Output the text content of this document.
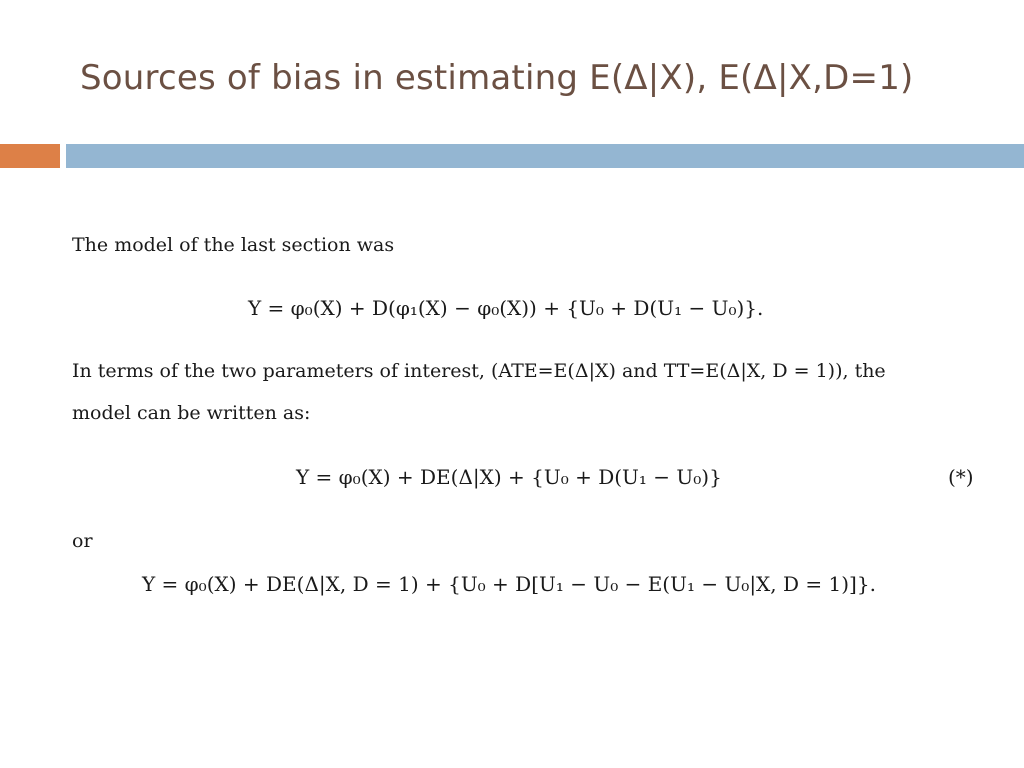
Sources of bias in estimating E(Δ|X), E(Δ|X,D=1)
The model of the last section was
Y = φ₀(X) + D(φ₁(X) − φ₀(X)) + {U₀ + D(U₁ − U₀)}.
In terms of the two parameters of interest, (ATE=E(Δ|X) and TT=E(Δ|X, D = 1)), the
model can be written as:
Y = φ₀(X) + DE(Δ|X) + {U₀ + D(U₁ − U₀)}	(*)
or
Y = φ₀(X) + DE(Δ|X, D = 1) + {U₀ + D[U₁ − U₀ − E(U₁ − U₀|X, D = 1)]}.
